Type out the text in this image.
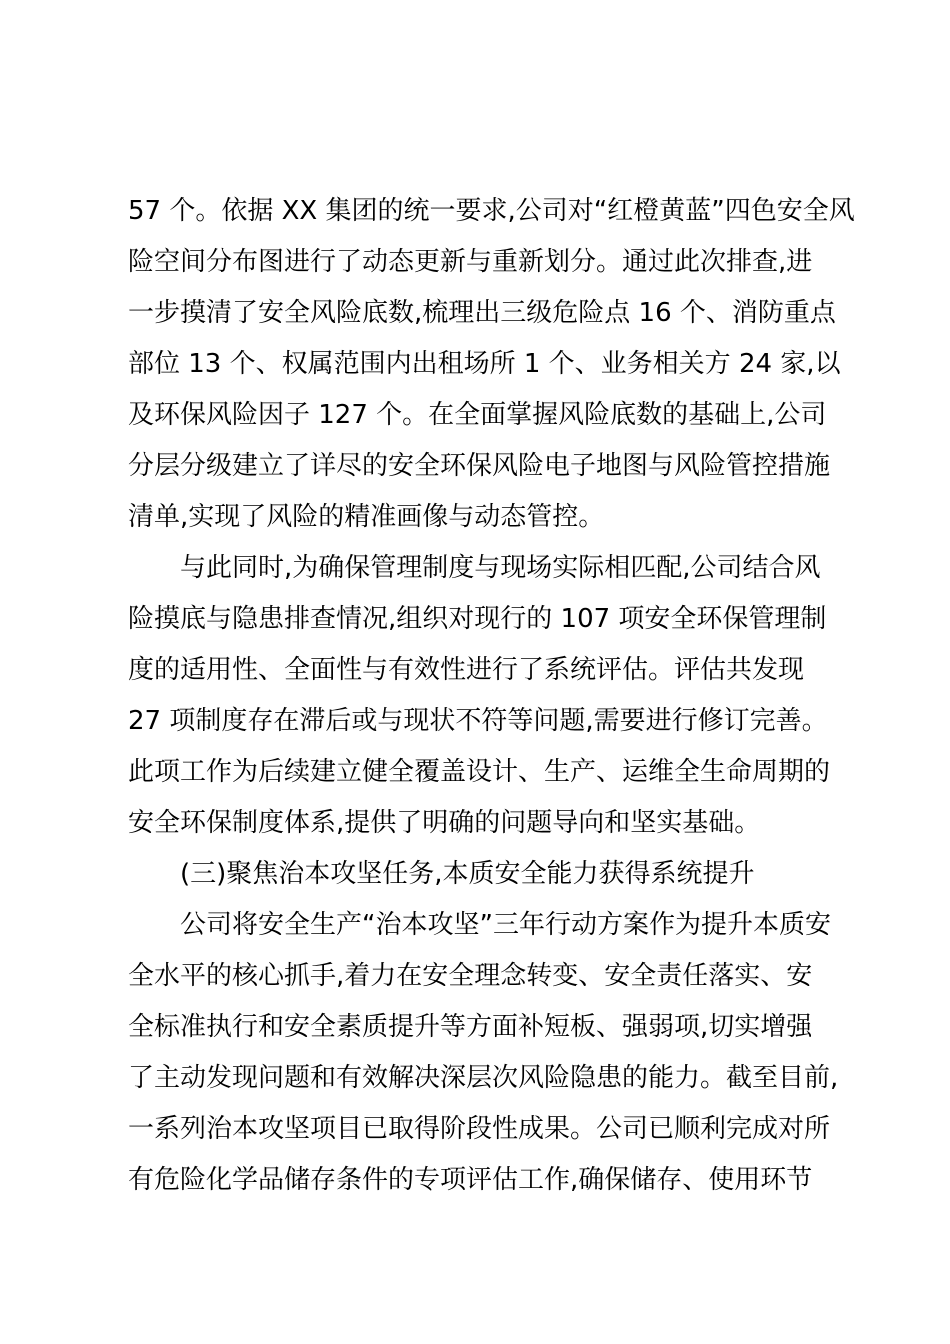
57 个。依据 XX 集团的统一要求,公司对“红橙黄蓝”四色安全风
险空间分布图进行了动态更新与重新划分。通过此次排查,进
一步摸清了安全风险底数,梳理出三级危险点 16 个、消防重点
部位 13 个、权属范围内出租场所 1 个、业务相关方 24 家,以
及环保风险因子 127 个。在全面掌握风险底数的基础上,公司
分层分级建立了详尽的安全环保风险电子地图与风险管控措施
清单,实现了风险的精准画像与动态管控。
与此同时,为确保管理制度与现场实际相匹配,公司结合风
险摸底与隐患排查情况,组织对现行的 107 项安全环保管理制
度的适用性、全面性与有效性进行了系统评估。评估共发现
27 项制度存在滞后或与现状不符等问题,需要进行修订完善。
此项工作为后续建立健全覆盖设计、生产、运维全生命周期的
安全环保制度体系,提供了明确的问题导向和坚实基础。
(三)聚焦治本攻坚任务,本质安全能力获得系统提升
公司将安全生产“治本攻坚”三年行动方案作为提升本质安
全水平的核心抓手,着力在安全理念转变、安全责任落实、安
全标准执行和安全素质提升等方面补短板、强弱项,切实增强
了主动发现问题和有效解决深层次风险隐患的能力。截至目前,
一系列治本攻坚项目已取得阶段性成果。公司已顺利完成对所
有危险化学品储存条件的专项评估工作,确保储存、使用环节
